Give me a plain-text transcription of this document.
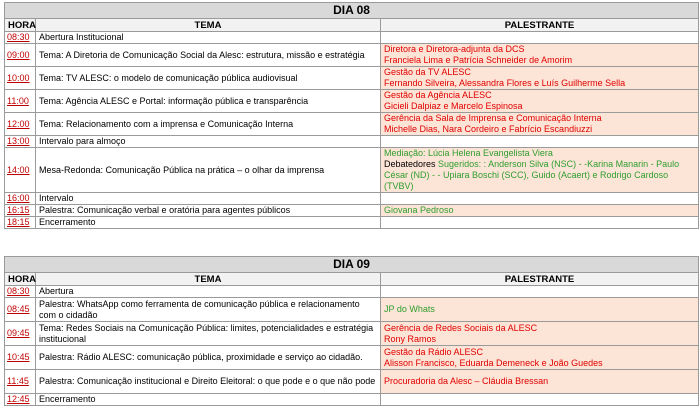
DIA 08		
HORA	TEMA	PALESTRANTE
08:30	Abertura Institucional	
09:00	Tema: A Diretoria de Comunicação Social da Alesc: estrutura, missão e estratégia	Diretora e Diretora-adjunta da DCS
Franciela Lima e Patrícia Schneider de Amorim

10:00	Tema: TV ALESC: o modelo de comunicação pública audiovisual	Gestão da TV ALESC
Fernando Silveira, Alessandra Flores e Luís Guilherme Sella

11:00	Tema: Agência ALESC e Portal: informação pública e transparência	Gestão da Agência ALESC
Gicieli Dalpiaz e Marcelo Espinosa

12:00	Tema: Relacionamento com a imprensa e Comunicação Interna	Gerência da Sala de Imprensa e Comunicação Interna
Michelle Dias, Nara Cordeiro e Fabrício Escandiuzzi

13:00	Intervalo para almoço	
14:00	Mesa-Redonda: Comunicação Pública na prática – o olhar da imprensa	Mediação: Lúcia Helena Evangelista Viera
Debatedores Sugeridos: : Anderson Silva (NSC) - -Karina Manarin - Paulo César (ND) - - Upiara Boschi (SCC), Guido (Acaert) e Rodrigo Cardoso (TVBV)

16:00	Intervalo	
16:15	Palestra: Comunicação verbal e oratória para agentes públicos	Giovana Pedroso

18:15	Encerramento	
DIA 09		
HORA	TEMA	PALESTRANTE
08:30	Abertura	
08:45	Palestra: WhatsApp como ferramenta de comunicação pública e relacionamento com o cidadão	JP do Whats

09:45	Tema: Redes Sociais na Comunicação Pública: limites, potencialidades e estratégia institucional	Gerência de Redes Sociais da ALESC
Rony Ramos

10:45	Palestra: Rádio ALESC: comunicação pública, proximidade e serviço ao cidadão.	Gestão da Rádio ALESC
Alisson Francisco, Eduarda Demeneck e João Guedes

11:45	Palestra: Comunicação institucional e Direito Eleitoral: o que pode e o que não pode	Procuradoria da Alesc – Cláudia Bressan

12:45	Encerramento	
